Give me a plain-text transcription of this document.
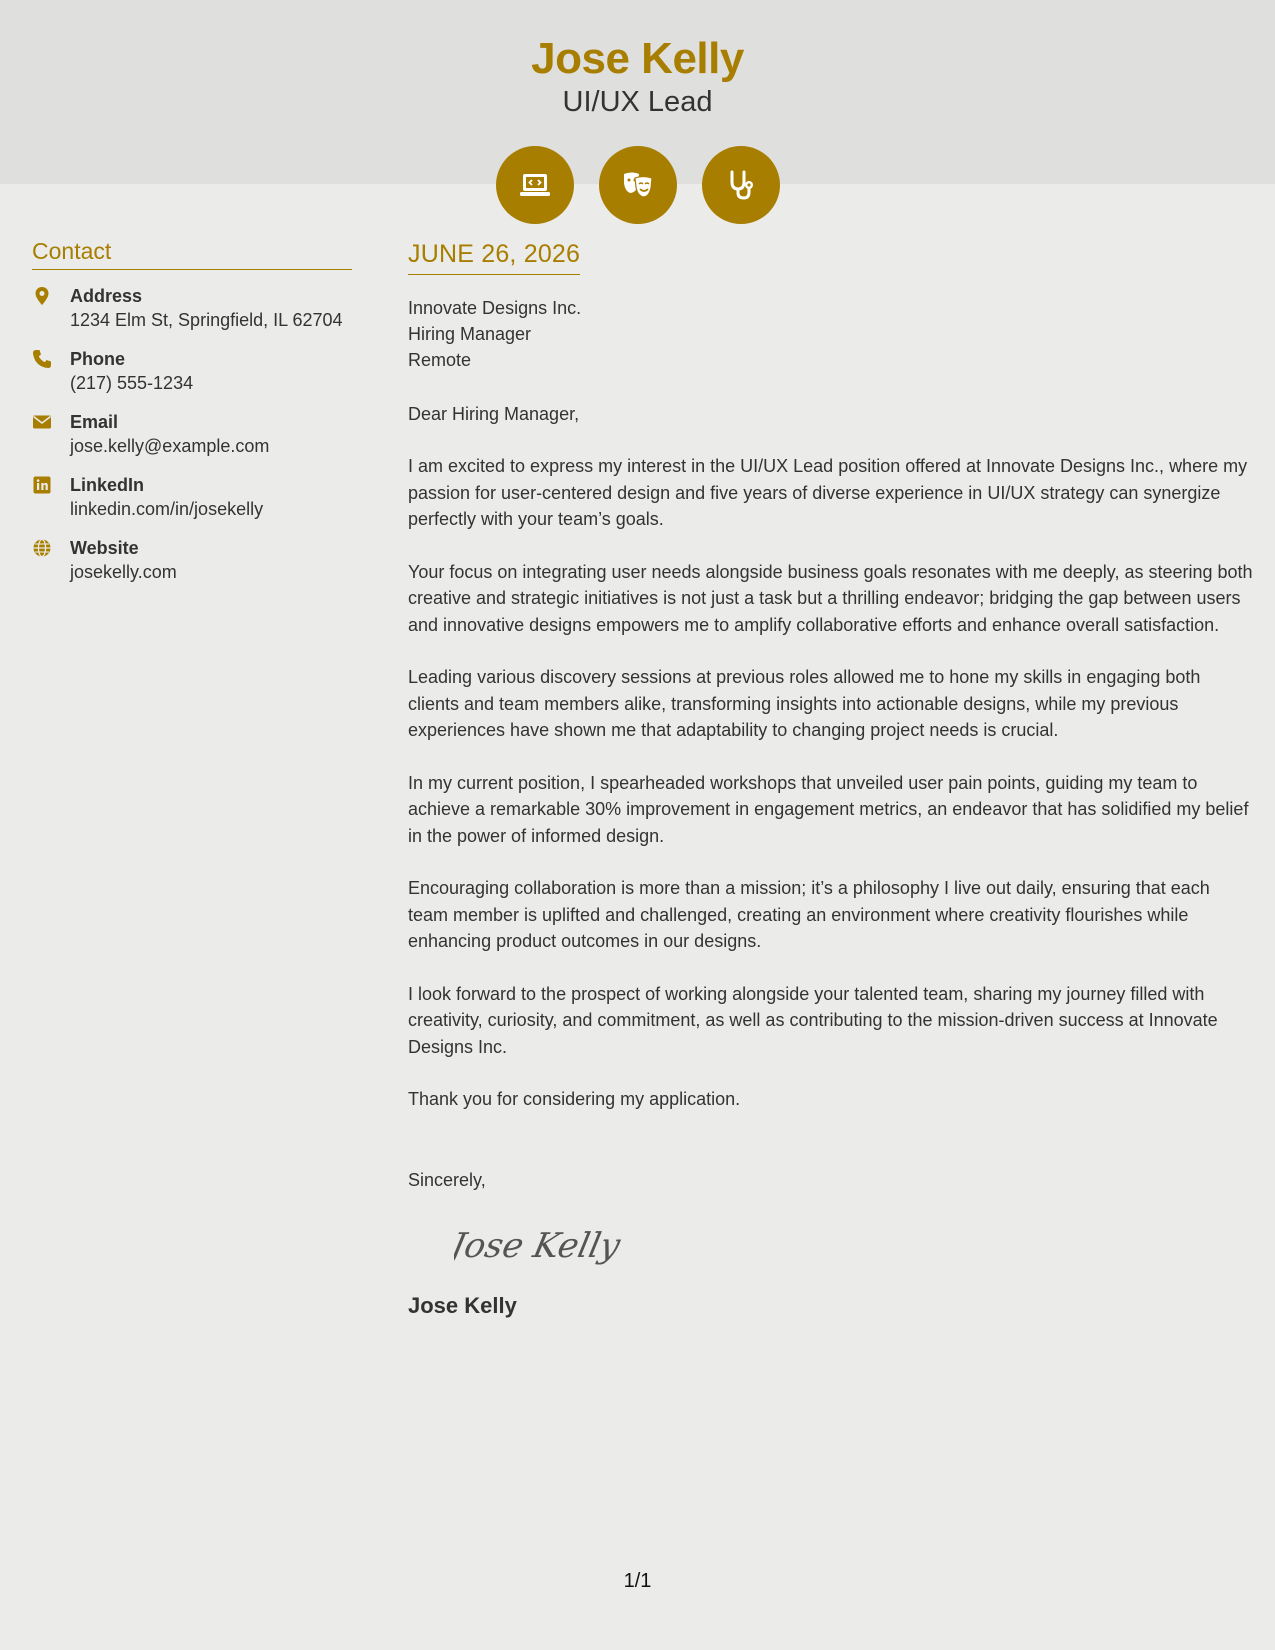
Jose Kelly
UI/UX Lead
Contact
Address
1234 Elm St, Springfield, IL 62704
Phone
(217) 555-1234
Email
jose.kelly@example.com
LinkedIn
linkedin.com/in/josekelly
Website
josekelly.com
JUNE 26, 2026
Innovate Designs Inc.
Hiring Manager
Remote
Dear Hiring Manager,

I am excited to express my interest in the UI/UX Lead position offered at Innovate Designs Inc., where my passion for user-centered design and five years of diverse experience in UI/UX strategy can synergize perfectly with your team’s goals.

Your focus on integrating user needs alongside business goals resonates with me deeply, as steering both creative and strategic initiatives is not just a task but a thrilling endeavor; bridging the gap between users and innovative designs empowers me to amplify collaborative efforts and enhance overall satisfaction.

Leading various discovery sessions at previous roles allowed me to hone my skills in engaging both clients and team members alike, transforming insights into actionable designs, while my previous experiences have shown me that adaptability to changing project needs is crucial.

In my current position, I spearheaded workshops that unveiled user pain points, guiding my team to achieve a remarkable 30% improvement in engagement metrics, an endeavor that has solidified my belief in the power of informed design.

Encouraging collaboration is more than a mission; it’s a philosophy I live out daily, ensuring that each team member is uplifted and challenged, creating an environment where creativity flourishes while enhancing product outcomes in our designs.

I look forward to the prospect of working alongside your talented team, sharing my journey filled with creativity, curiosity, and commitment, as well as contributing to the mission-driven success at Innovate Designs Inc.

Thank you for considering my application.

Sincerely,
Jose Kelly
Jose Kelly
1/1
